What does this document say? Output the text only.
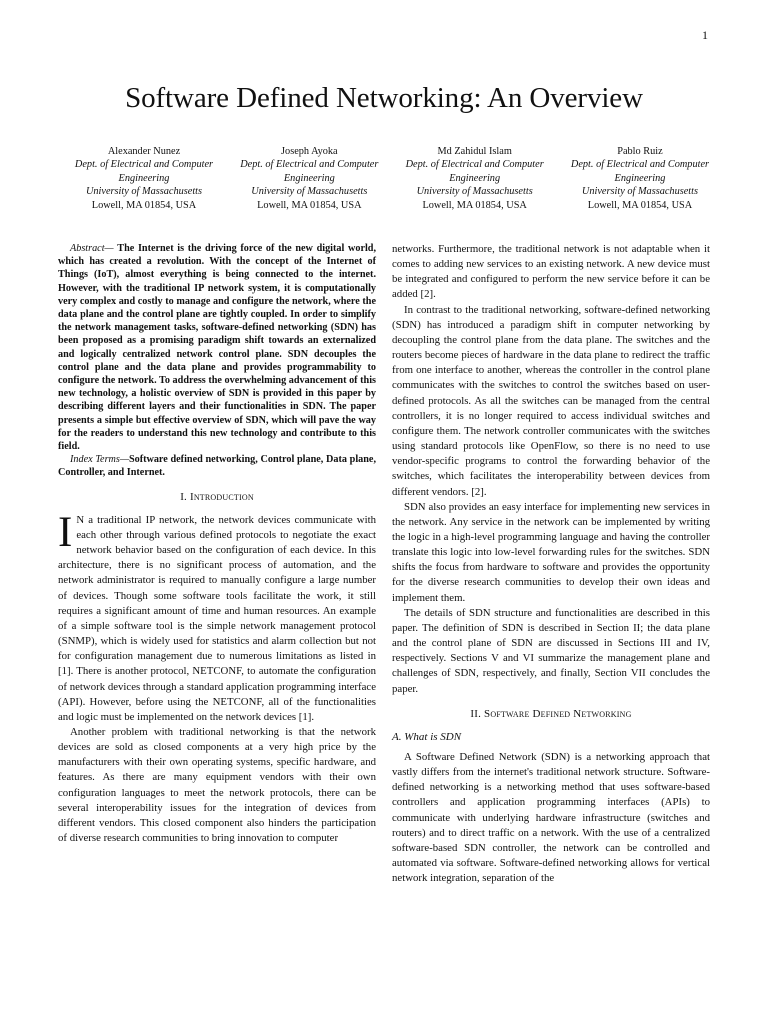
1
Software Defined Networking: An Overview
Alexander Nunez
Dept. of Electrical and Computer Engineering
University of Massachusetts
Lowell, MA 01854, USA
Joseph Ayoka
Dept. of Electrical and Computer Engineering
University of Massachusetts
Lowell, MA 01854, USA
Md Zahidul Islam
Dept. of Electrical and Computer Engineering
University of Massachusetts
Lowell, MA 01854, USA
Pablo Ruiz
Dept. of Electrical and Computer Engineering
University of Massachusetts
Lowell, MA 01854, USA

Abstract— The Internet is the driving force of the new digital world, which has created a revolution. With the concept of the Internet of Things (IoT), almost everything is being connected to the internet. However, with the traditional IP network system, it is computationally very complex and costly to manage and configure the network, where the data plane and the control plane are tightly coupled. In order to simplify the network management tasks, software-defined networking (SDN) has been proposed as a promising paradigm shift towards an externalized and logically centralized network control plane. SDN decouples the control plane and the data plane and provides programmability to configure the network. To address the overwhelming advancement of this new technology, a holistic overview of SDN is provided in this paper by describing different layers and their functionalities in SDN. The paper presents a simple but effective overview of SDN, which will pave the way for the readers to understand this new technology and contribute to this field.

Index Terms—Software defined networking, Control plane, Data plane, Controller, and Internet.

I. Introduction

I N a traditional IP network, the network devices communicate with each other through various defined protocols to negotiate the exact network behavior based on the configuration of each device. In this architecture, there is no significant process of automation, and the network administrator is required to manually configure a large number of devices. Though some software tools facilitate the work, it still requires a significant amount of time and human resources. An example of a simple software tool is the simple network management protocol (SNMP), which is widely used for statistics and alarm collection but not for configuration management due to numerous limitations as listed in [1]. There is another protocol, NETCONF, to automate the configuration of network devices through a standard application programming interface (API). However, before using the NETCONF, all of the functionalities and logic must be implemented on the network devices [1].

Another problem with traditional networking is that the network devices are sold as closed components at a very high price by the manufacturers with their own operating systems, specific hardware, and features. As there are many equipment vendors with their own configuration languages to meet the network protocols, there can be several interoperability issues for the integration of devices from different vendors. This closed component also hinders the participation of diverse research communities to bring innovation to computer

networks. Furthermore, the traditional network is not adaptable when it comes to adding new services to an existing network. A new device must be integrated and configured to perform the new service before it can be added [2].

In contrast to the traditional networking, software-defined networking (SDN) has introduced a paradigm shift in computer networking by decoupling the control plane from the data plane. The switches and the routers become pieces of hardware in the data plane to redirect the traffic from one interface to another, whereas the controller in the control plane communicates with the switches to control the switches based on user-defined protocols. As all the switches can be managed from the central controllers, it is no longer required to access individual switches and configure them. The network controller communicates with the switches using standard protocols like OpenFlow, so there is no need to use vendor-specific programs to control the forwarding behavior of the switches, which facilitates the interoperability between devices from different vendors. [2].

SDN also provides an easy interface for implementing new services in the network. Any service in the network can be implemented by writing the logic in a high-level programming language and having the controller translate this logic into low-level forwarding rules for the switches. SDN shifts the focus from hardware to software and provides the opportunity for the diverse research communities to develop their own ideas and implement them.

The details of SDN structure and functionalities are described in this paper. The definition of SDN is described in Section II; the data plane and the control plane of SDN are discussed in Sections III and IV, respectively. Sections V and VI summarize the management plane and challenges of SDN, respectively, and finally, Section VII concludes the paper.

II. Software Defined Networking
A. What is SDN

A Software Defined Network (SDN) is a networking approach that vastly differs from the internet's traditional network structure. Software-defined networking is a networking method that uses software-based controllers and application programming interfaces (APIs) to communicate with underlying hardware infrastructure (switches and routers) and to direct traffic on a network. With the use of a centralized software-based SDN controller, the network can be controlled and automated via software. Software-defined networking allows for vertical network integration, separation of the
